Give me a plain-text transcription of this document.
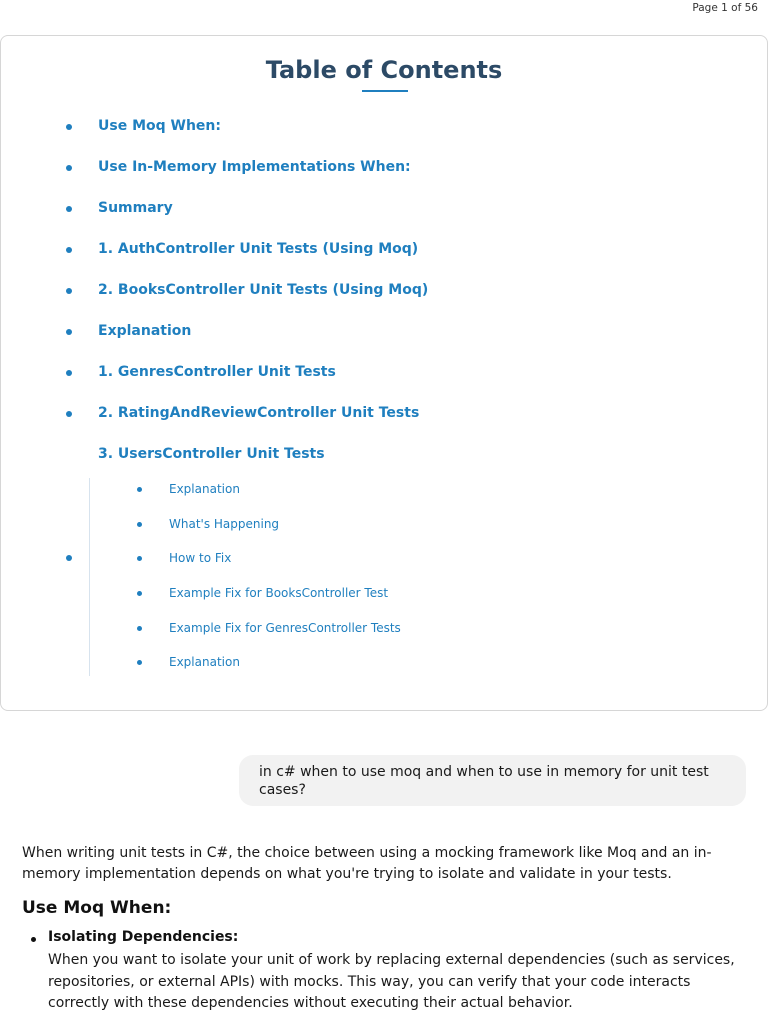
Page 1 of 56
Table of Contents
Use Moq When:
Use In-Memory Implementations When:
Summary
1. AuthController Unit Tests (Using Moq)
2. BooksController Unit Tests (Using Moq)
Explanation
1. GenresController Unit Tests
2. RatingAndReviewController Unit Tests
3. UsersController Unit Tests
Explanation
What's Happening
How to Fix
Example Fix for BooksController Test
Example Fix for GenresController Tests
Explanation
in c# when to use moq and when to use in memory for unit test cases?
When writing unit tests in C#, the choice between using a mocking framework like Moq and an in-memory implementation depends on what you're trying to isolate and validate in your tests.
Use Moq When:
Isolating Dependencies:
When you want to isolate your unit of work by replacing external dependencies (such as services, repositories, or external APIs) with mocks. This way, you can verify that your code interacts correctly with these dependencies without executing their actual behavior.
